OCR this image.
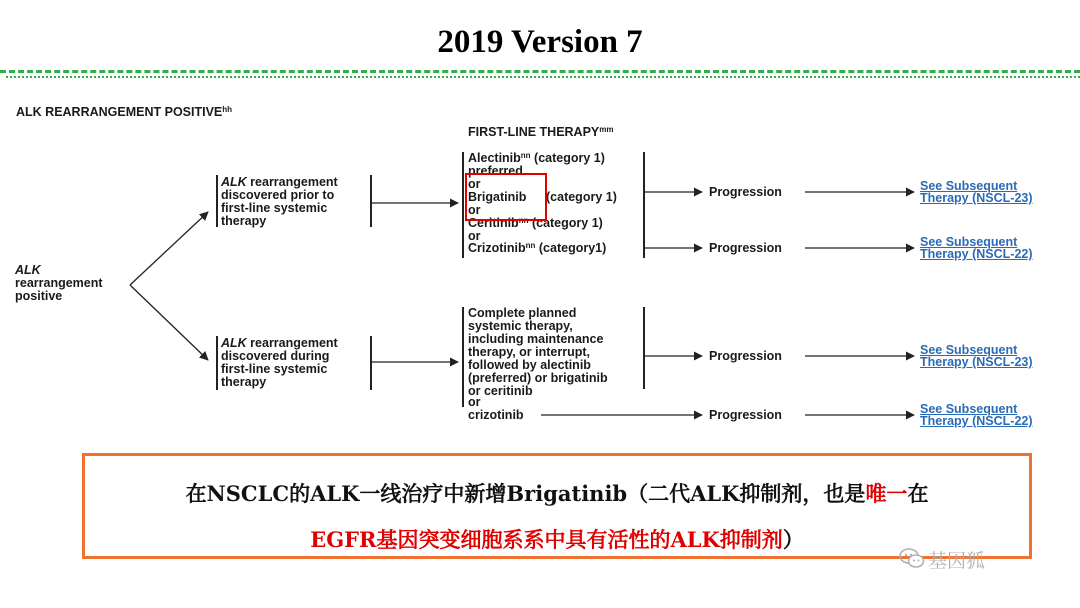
2019 Version 7
ALK REARRANGEMENT $POSITIVE^{hh}$
FIRST-LINE $THERAPY^{mm}$
ALK
rearrangement
positive
ALK rearrangement
discovered prior to
first-line systemic
therapy
ALK rearrangement
discovered during
first-line systemic
therapy
Alectinib$^{nn}$ (category 1)
preferred
or
Brigatinib (category 1)
or
Ceritinib$^{nn}$ (category 1)
or
Crizotinib$^{nn}$ (category1)
Complete planned
systemic therapy,
including maintenance
therapy, or interrupt,
followed by alectinib
(preferred) or brigatinib
or ceritinib
or
crizotinib
Progression
Progression
Progression
Progression
See Subsequent
Therapy (NSCL-23)
See Subsequent
Therapy (NSCL-22)
See Subsequent
Therapy (NSCL-23)
See Subsequent
Therapy (NSCL-22)
在NSCLC的ALK一线治疗中新增Brigatinib（二代ALK抑制剂，也是唯一在
EGFR基因突变细胞系系中具有活性的ALK抑制剂）
基因狐
